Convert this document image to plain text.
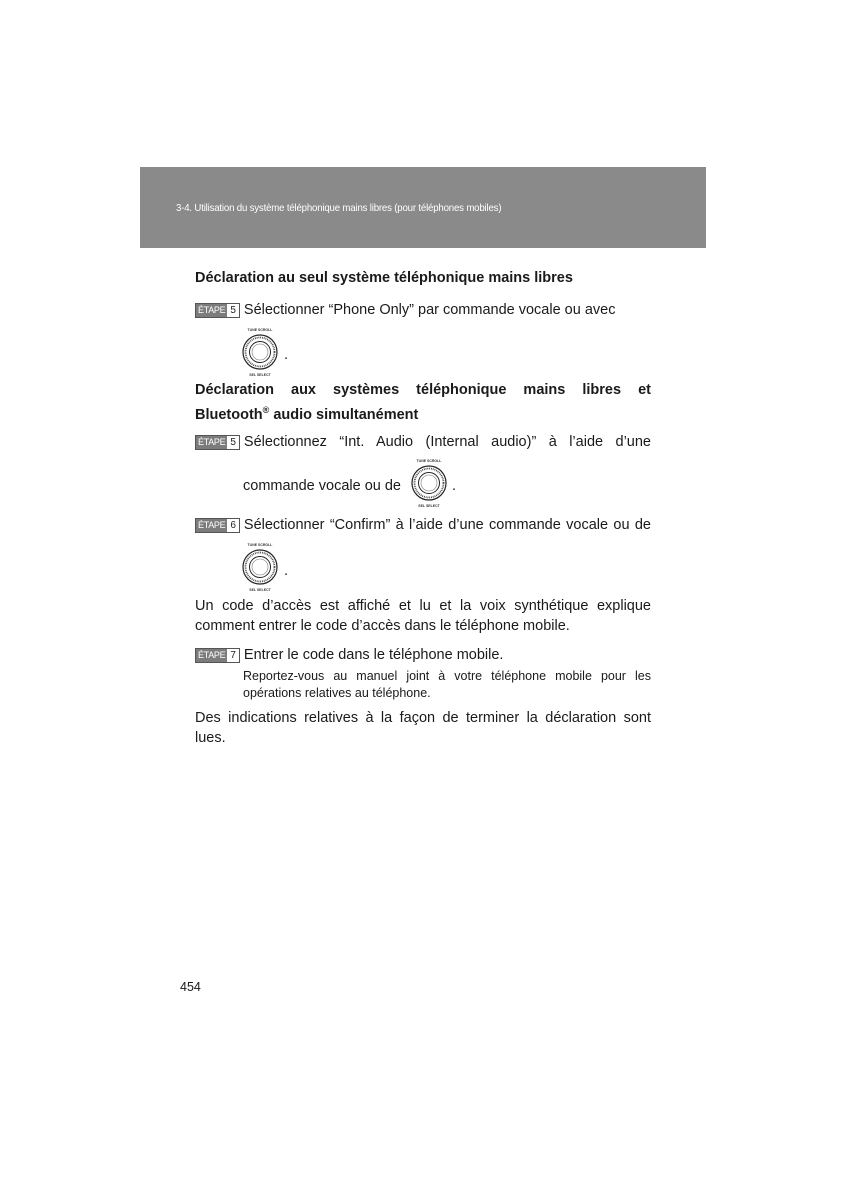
3-4. Utilisation du système téléphonique mains libres (pour téléphones mobiles)
Déclaration au seul système téléphonique mains libres
ÉTAPE 5 Sélectionner “Phone Only” par commande vocale ou avec
TUNE SCROLL
SEL SELECT
.
Déclaration aux systèmes téléphonique mains libres et
Bluetooth® audio simultanément
ÉTAPE 5 Sélectionnez “Int. Audio (Internal audio)” à l’aide d’une
commande vocale ou de
TUNE SCROLL
SEL SELECT
.
ÉTAPE 6 Sélectionner “Confirm” à l’aide d’une commande vocale ou de
TUNE SCROLL
SEL SELECT
.
Un code d’accès est affiché et lu et la voix synthétique explique comment entrer le code d’accès dans le téléphone mobile.
ÉTAPE 7 Entrer le code dans le téléphone mobile.
Reportez-vous au manuel joint à votre téléphone mobile pour les opérations relatives au téléphone.
Des indications relatives à la façon de terminer la déclaration sont lues.
454
